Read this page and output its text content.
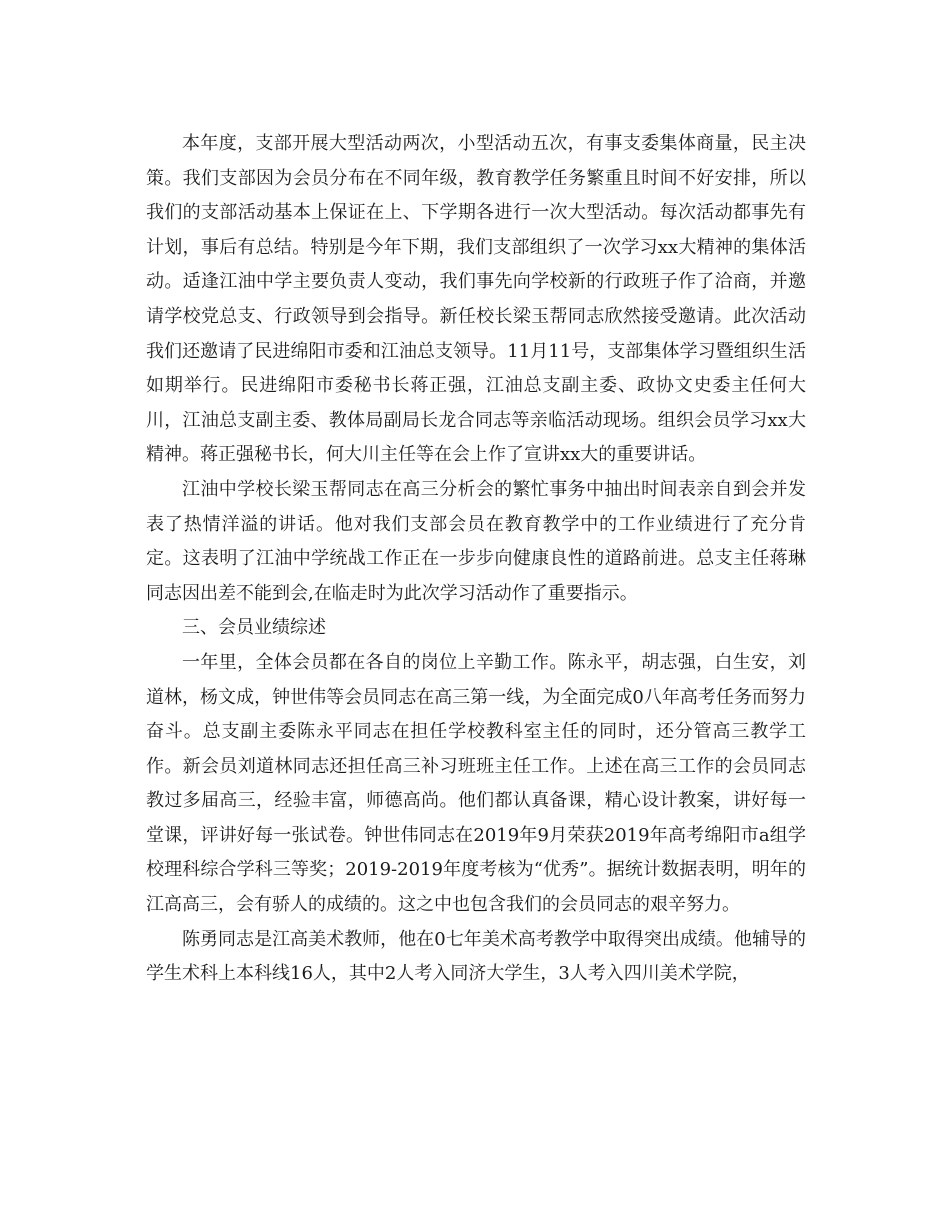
本年度，支部开展大型活动两次，小型活动五次，有事支委集体商量，民主决策。我们支部因为会员分布在不同年级，教育教学任务繁重且时间不好安排，所以我们的支部活动基本上保证在上、下学期各进行一次大型活动。每次活动都事先有计划，事后有总结。特别是今年下期，我们支部组织了一次学习xx大精神的集体活动。适逢江油中学主要负责人变动，我们事先向学校新的行政班子作了洽商，并邀请学校党总支、行政领导到会指导。新任校长梁玉帮同志欣然接受邀请。此次活动我们还邀请了民进绵阳市委和江油总支领导。11月11号，支部集体学习暨组织生活如期举行。民进绵阳市委秘书长蒋正强，江油总支副主委、政协文史委主任何大川，江油总支副主委、教体局副局长龙合同志等亲临活动现场。组织会员学习xx大精神。蒋正强秘书长，何大川主任等在会上作了宣讲xx大的重要讲话。

江油中学校长梁玉帮同志在高三分析会的繁忙事务中抽出时间表亲自到会并发表了热情洋溢的讲话。他对我们支部会员在教育教学中的工作业绩进行了充分肯定。这表明了江油中学统战工作正在一步步向健康良性的道路前进。总支主任蒋琳同志因出差不能到会,在临走时为此次学习活动作了重要指示。

三、会员业绩综述

一年里，全体会员都在各自的岗位上辛勤工作。陈永平，胡志强，白生安，刘道林，杨文成，钟世伟等会员同志在高三第一线，为全面完成0八年高考任务而努力奋斗。总支副主委陈永平同志在担任学校教科室主任的同时，还分管高三教学工作。新会员刘道林同志还担任高三补习班班主任工作。上述在高三工作的会员同志教过多届高三，经验丰富，师德高尚。他们都认真备课，精心设计教案，讲好每一堂课，评讲好每一张试卷。钟世伟同志在2019年9月荣获2019年高考绵阳市a组学校理科综合学科三等奖；2019-2019年度考核为“优秀”。据统计数据表明，明年的江高高三，会有骄人的成绩的。这之中也包含我们的会员同志的艰辛努力。

陈勇同志是江高美术教师，他在0七年美术高考教学中取得突出成绩。他辅导的学生术科上本科线16人，其中2人考入同济大学生，3人考入四川美术学院，
